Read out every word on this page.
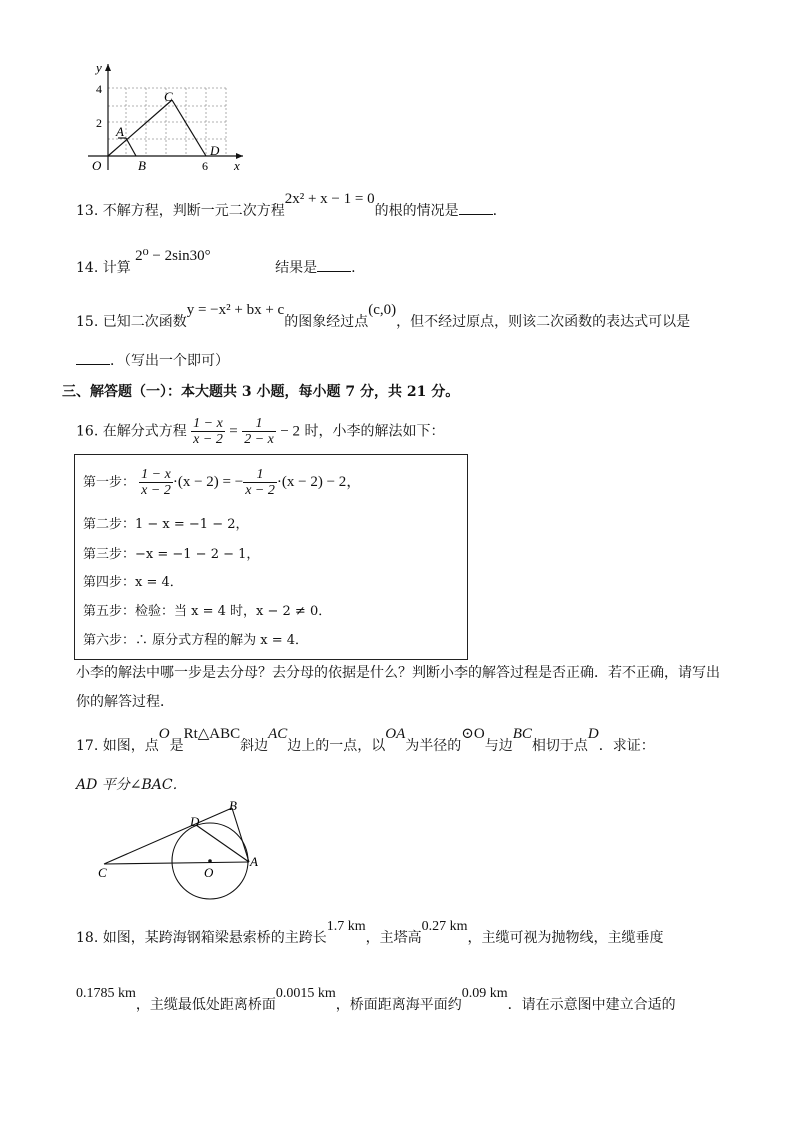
y
x
O
4
2
6
A
B
C
D
13. 不解方程，判断一元二次方程2x² + x − 1 = 0的根的情况是 .
14. 计算 2⁰ − 2sin30°结果是 .
15. 已知二次函数y = −x² + bx + c的图象经过点(c,0)，但不经过原点，则该二次函数的表达式可以是
．（写出一个即可）
三、解答题（一）：本大题共 3 小题，每小题 7 分，共 21 分。
16. 在解分式方程 $\frac{1 - x}{x - 2} = \frac{1}{2 - x} - 2$ 时，小李的解法如下：
第一步： $\frac{1 - x}{x - 2} \cdot(x - 2)$ = − $\frac{1}{x - 2} \cdot(x - 2) - 2$，
第二步：1 − x = −1 − 2，
第三步：−x = −1 − 2 − 1，
第四步：x = 4．
第五步：检验：当 x = 4 时，x − 2 ≠ 0．
第六步：∴ 原分式方程的解为 x = 4．
小李的解法中哪一步是去分母？去分母的依据是什么？判断小李的解答过程是否正确．若不正确，请写出
你的解答过程．
17. 如图，点O是Rt△ABC斜边AC边上的一点，以OA为半径的⊙O与边BC相切于点D．求证：
AD 平分∠BAC．
B
D
C	O
A
18. 如图，某跨海钢箱梁悬索桥的主跨长1.7 km，主塔高0.27 km，主缆可视为抛物线，主缆垂度
0.1785 km，主缆最低处距离桥面0.0015 km，桥面距离海平面约0.09 km．请在示意图中建立合适的
